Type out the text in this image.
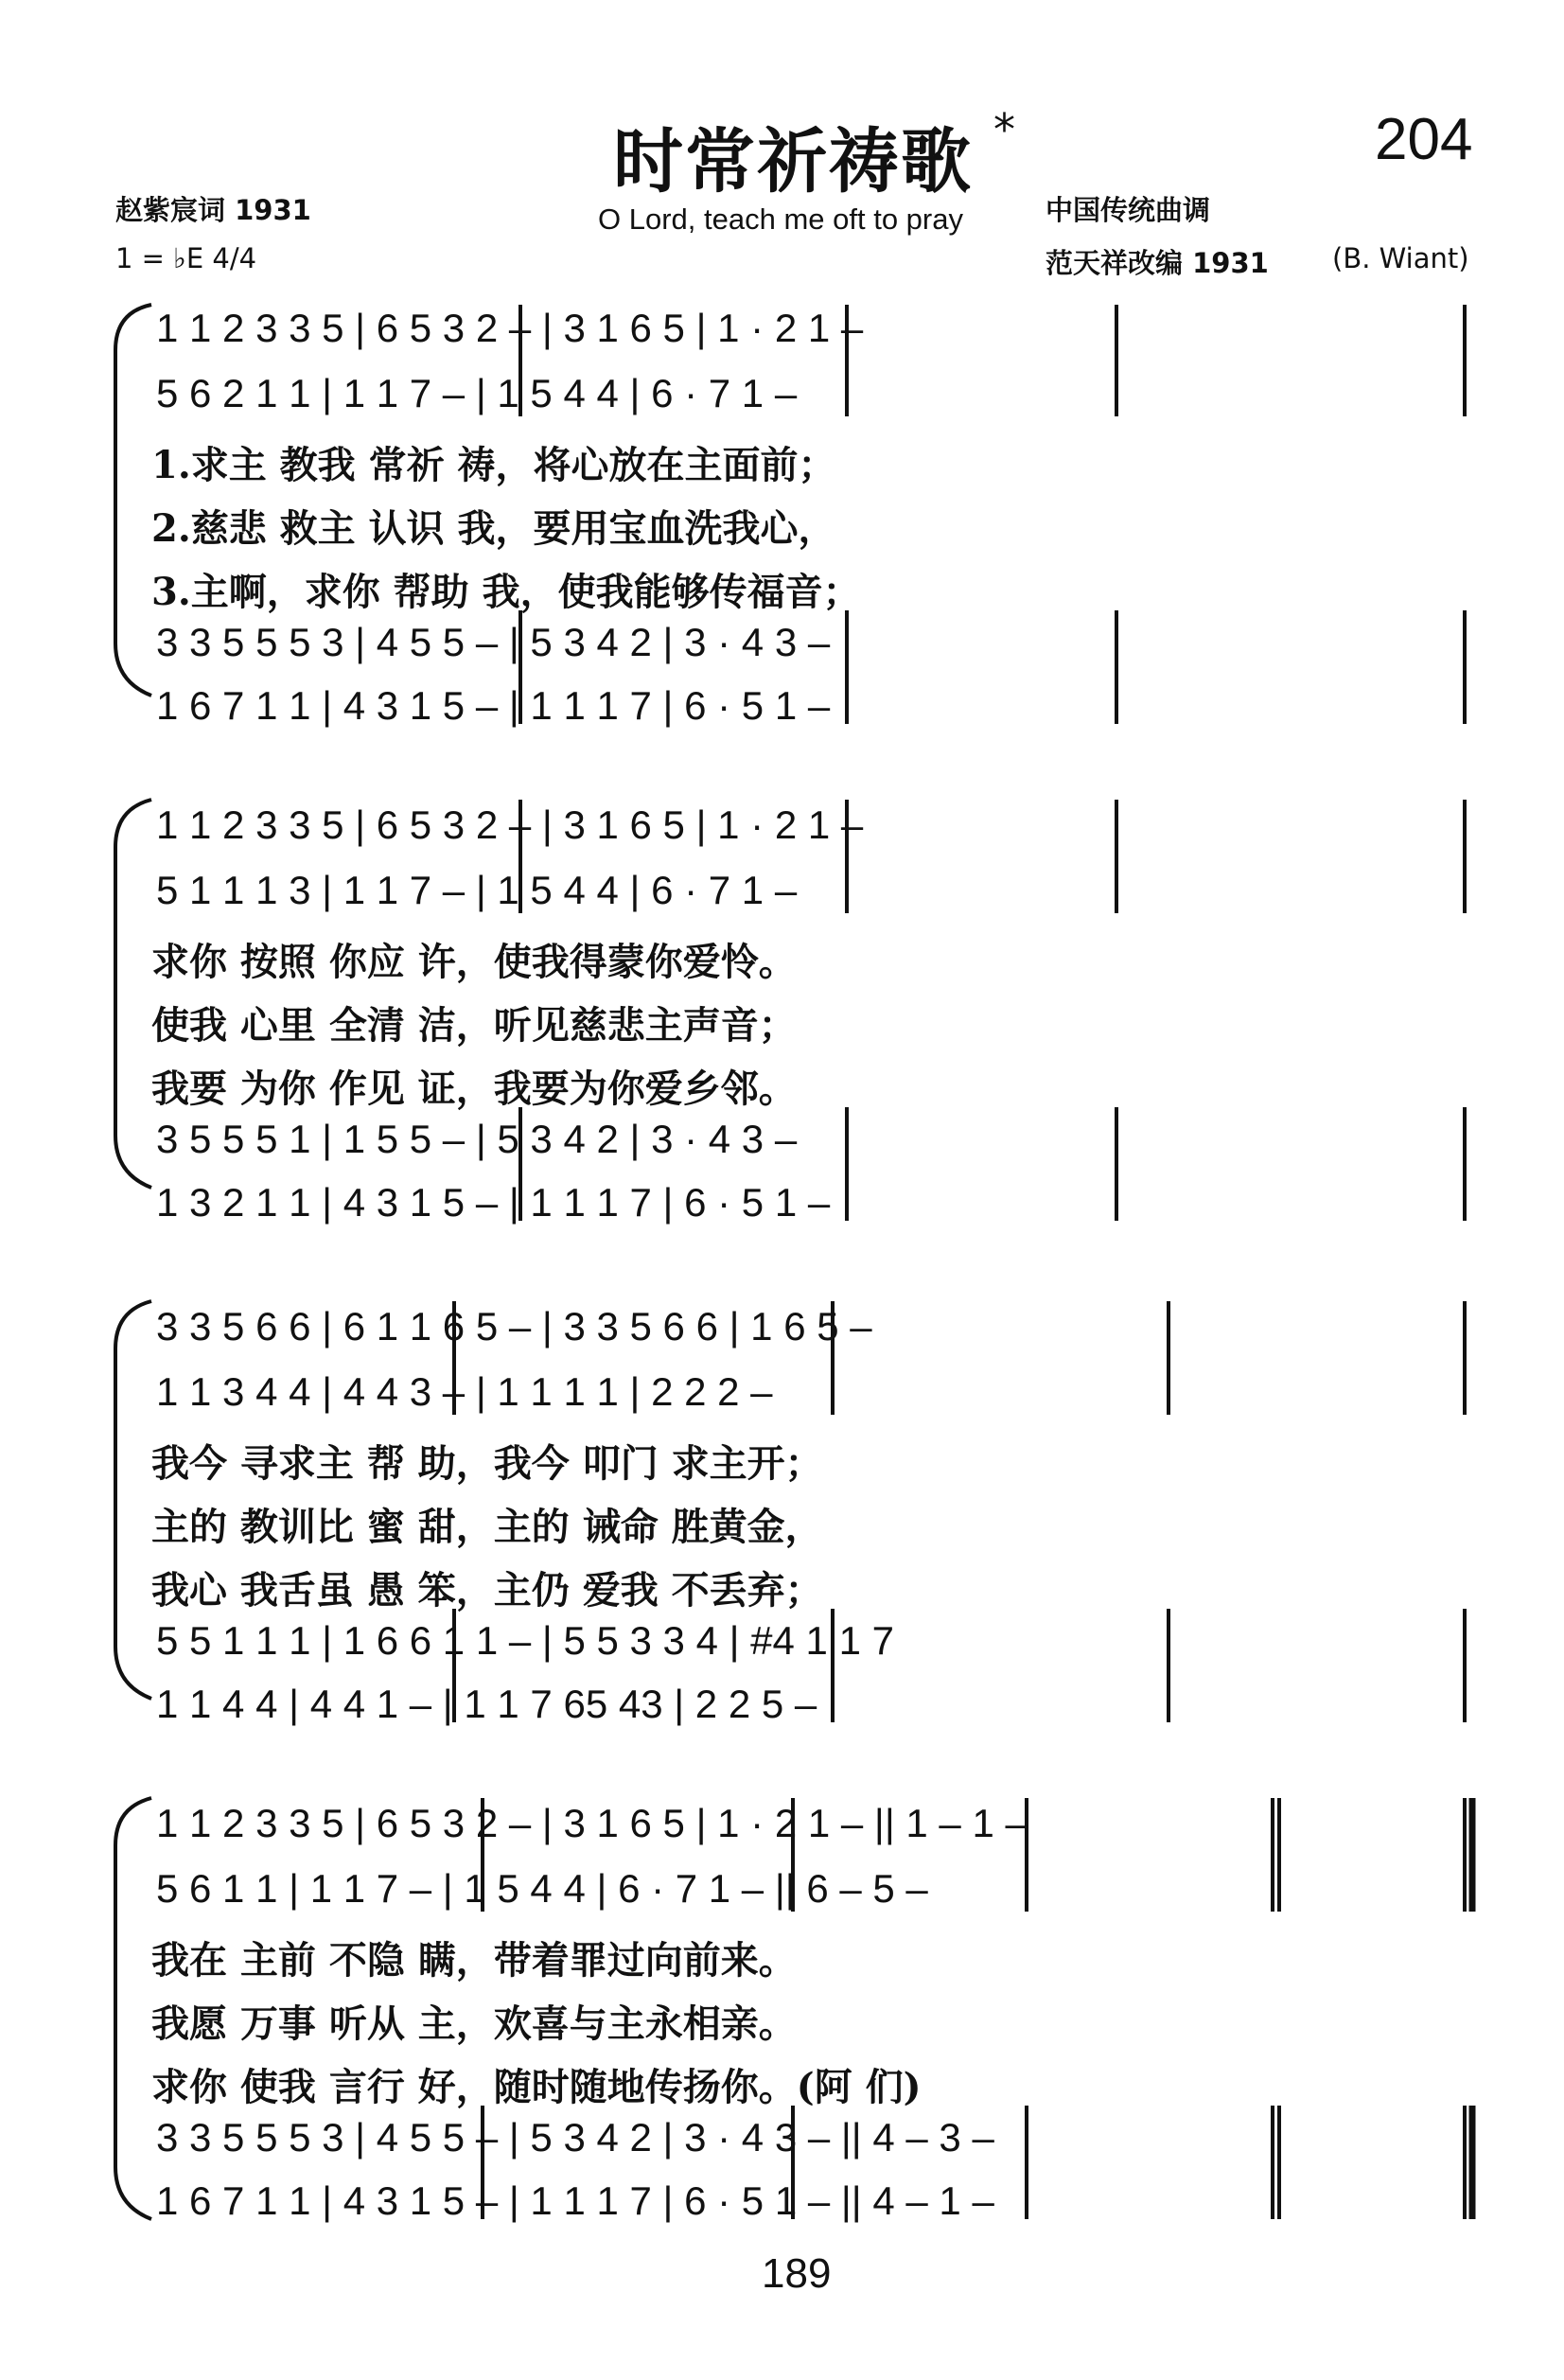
时常祈祷歌 *	204
赵紫宸词 1931	O Lord, teach me oft to pray	中国传统曲调
1 = ♭E 4/4	范天祥改编 1931 (B. Wiant)
1 1 2 3 3 5 | 6 5 3 2 – | 3 1 6 5 | 1 · 2 1 –
5 6 2 1 1 | 1 1 7 – | 1 5 4 4 | 6 · 7 1 –
1.求主 教我 常祈 祷，将心放在主面前；
2.慈悲 救主 认识 我，要用宝血洗我心，
3.主啊，求你 帮助 我，使我能够传福音；
3 3 5 5 5 3 | 4 5 5 – | 5 3 4 2 | 3 · 4 3 –
1 6 7 1 1 | 4 3 1 5 – | 1 1 1 7 | 6 · 5 1 –
1 1 2 3 3 5 | 6 5 3 2 – | 3 1 6 5 | 1 · 2 1 –
5 1 1 1 3 | 1 1 7 – | 1 5 4 4 | 6 · 7 1 –
求你 按照 你应 许，使我得蒙你爱怜。
使我 心里 全清 洁，听见慈悲主声音；
我要 为你 作见 证，我要为你爱乡邻。
3 5 5 5 1 | 1 5 5 – | 5 3 4 2 | 3 · 4 3 –
1 3 2 1 1 | 4 3 1 5 – | 1 1 1 7 | 6 · 5 1 –
3 3 5 6 6 | 6 1 1 6 5 – | 3 3 5 6 6 | 1 6 5 –
1 1 3 4 4 | 4 4 3 – | 1 1 1 1 | 2 2 2 –
我今 寻求主 帮 助，我今 叩门 求主开；
主的 教训比 蜜 甜，主的 诫命 胜黄金，
我心 我舌虽 愚 笨，主仍 爱我 不丢弃；
5 5 1 1 1 | 1 6 6 1 1 – | 5 5 3 3 4 | #4 1 1 7
1 1 4 4 | 4 4 1 – | 1 1 7 65 43 | 2 2 5 –
1 1 2 3 3 5 | 6 5 3 2 – | 3 1 6 5 | 1 · 2 1 – || 1 – 1 –
5 6 1 1 | 1 1 7 – | 1 5 4 4 | 6 · 7 1 – || 6 – 5 –
我在 主前 不隐 瞒，带着罪过向前来。
我愿 万事 听从 主，欢喜与主永相亲。
求你 使我 言行 好，随时随地传扬你。(阿 们)
3 3 5 5 5 3 | 4 5 5 – | 5 3 4 2 | 3 · 4 3 – || 4 – 3 –
1 6 7 1 1 | 4 3 1 5 – | 1 1 1 7 | 6 · 5 1 – || 4 – 1 –
189
